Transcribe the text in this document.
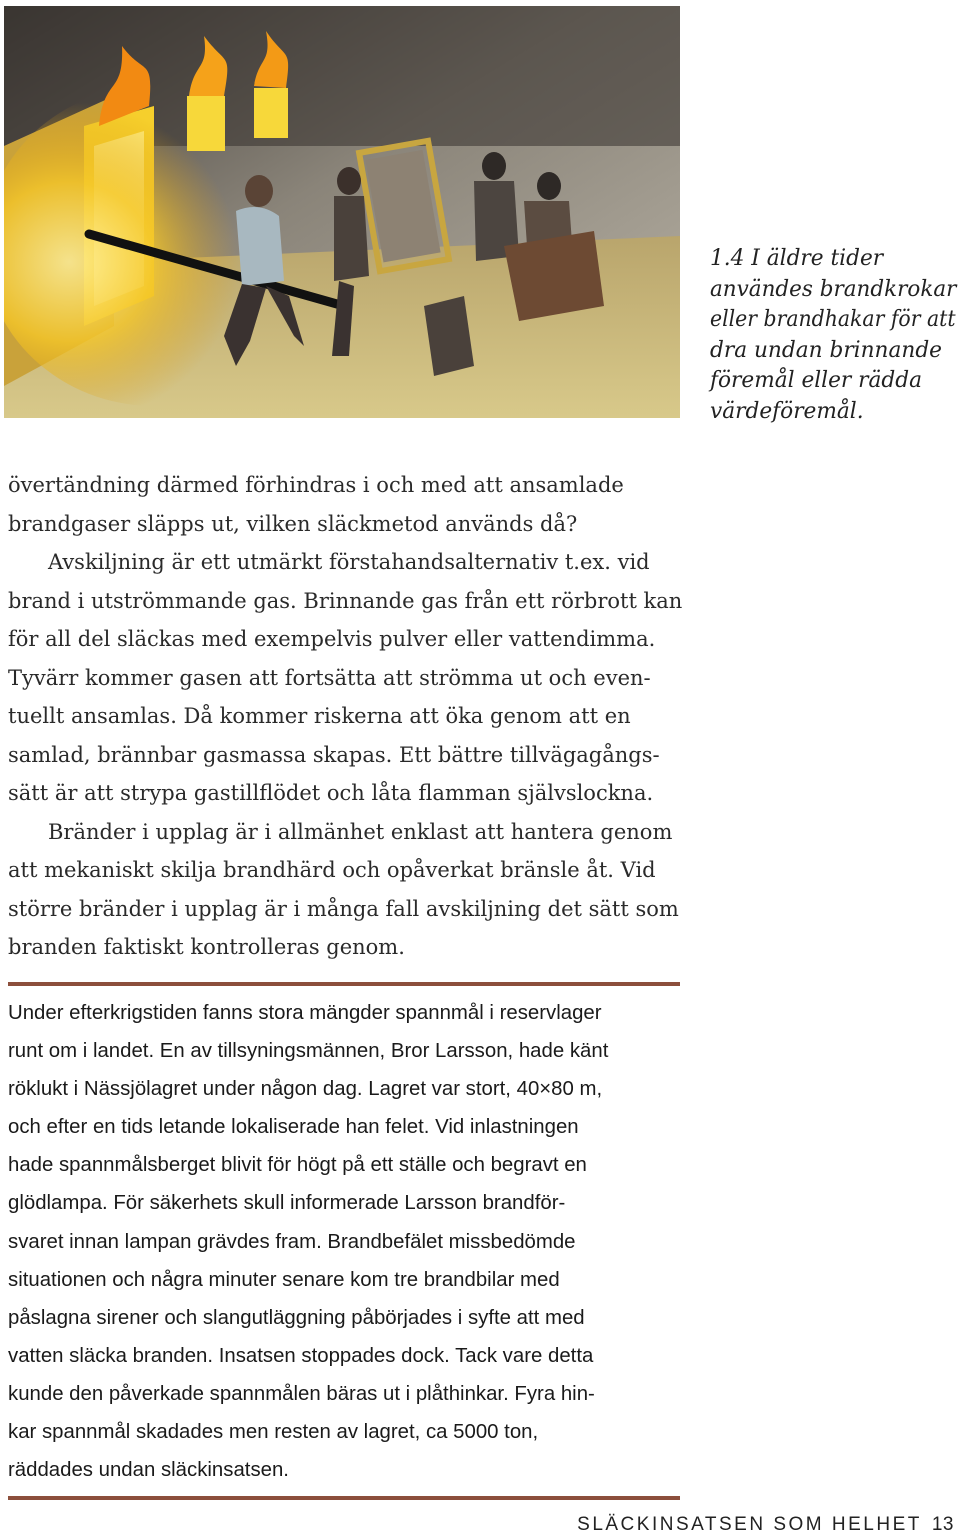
1.4 I äldre tider
användes brandkrokar
eller brandhakar för att
dra undan brinnande
föremål eller rädda
värdeföremål.
övertändning därmed förhindras i och med att ansamlade
brandgaser släpps ut, vilken släckmetod används då?
Avskiljning är ett utmärkt förstahandsalternativ t.ex. vid
brand i utströmmande gas. Brinnande gas från ett rörbrott kan
för all del släckas med exempelvis pulver eller vattendimma.
Tyvärr kommer gasen att fortsätta att strömma ut och even-
tuellt ansamlas. Då kommer riskerna att öka genom att en
samlad, brännbar gasmassa skapas. Ett bättre tillvägagångs-
sätt är att strypa gastillflödet och låta flamman självslockna.
Bränder i upplag är i allmänhet enklast att hantera genom
att mekaniskt skilja brandhärd och opåverkat bränsle åt. Vid
större bränder i upplag är i många fall avskiljning det sätt som
branden faktiskt kontrolleras genom.
Under efterkrigstiden fanns stora mängder spannmål i reservlager
runt om i landet. En av tillsyningsmännen, Bror Larsson, hade känt
röklukt i Nässjölagret under någon dag. Lagret var stort, 40×80 m,
och efter en tids letande lokaliserade han felet. Vid inlastningen
hade spannmålsberget blivit för högt på ett ställe och begravt en
glödlampa. För säkerhets skull informerade Larsson brandför-
svaret innan lampan grävdes fram. Brandbefälet missbedömde
situationen och några minuter senare kom tre brandbilar med
påslagna sirener och slangutläggning påbörjades i syfte att med
vatten släcka branden. Insatsen stoppades dock. Tack vare detta
kunde den påverkade spannmålen bäras ut i plåthinkar. Fyra hin-
kar spannmål skadades men resten av lagret, ca 5000 ton,
räddades undan släckinsatsen.
SLÄCKINSATSEN SOM HELHET 13
